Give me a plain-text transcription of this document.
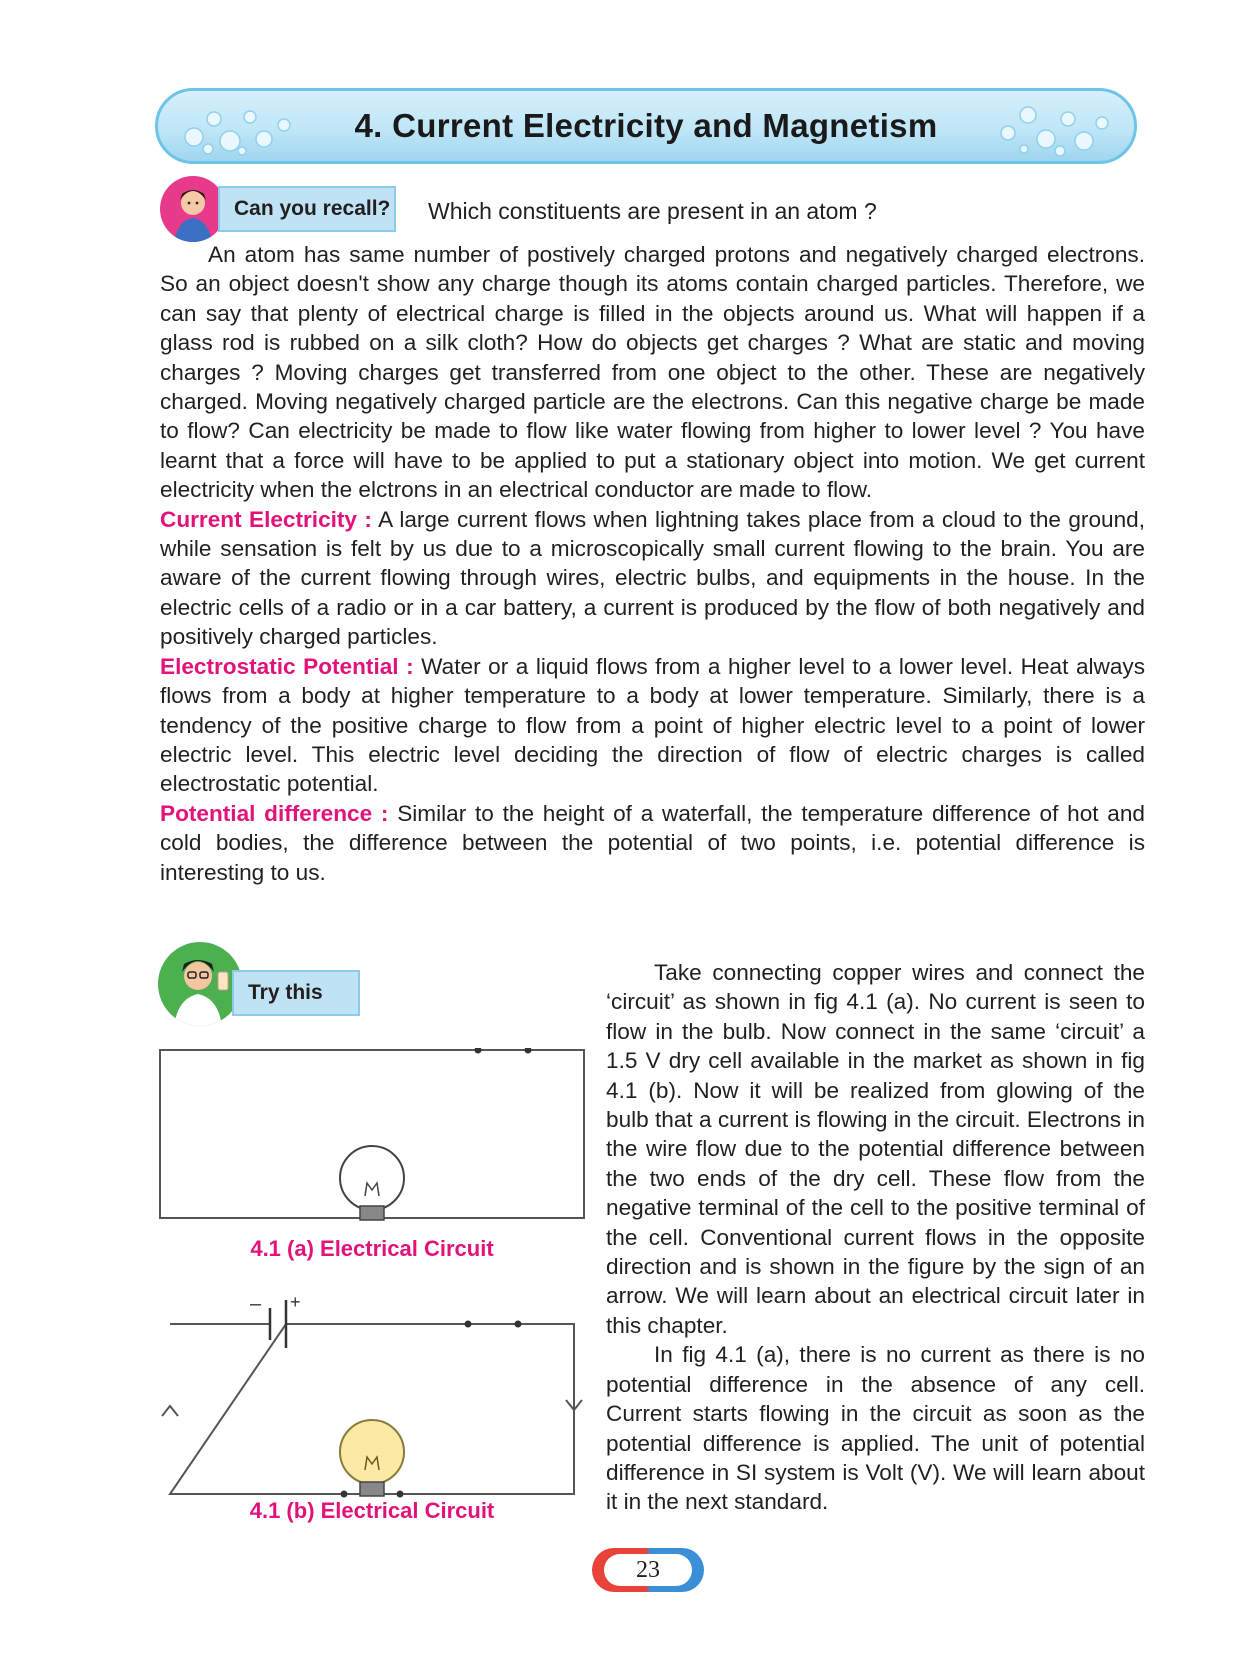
4. Current Electricity and Magnetism
Can you recall? Which constituents are present in an atom ?

An atom has same number of postively charged protons and negatively charged electrons. So an object doesn't show any charge though its atoms contain charged particles. Therefore, we can say that plenty of electrical charge is filled in the objects around us. What will happen if a glass rod is rubbed on a silk cloth? How do objects get charges ? What are static and moving charges ? Moving charges get transferred from one object to the other. These are negatively charged. Moving negatively charged particle are the electrons. Can this negative charge be made to flow? Can electricity be made to flow like water flowing from higher to lower level ? You have learnt that a force will have to be applied to put a stationary object into motion. We get current electricity when the elctrons in an electrical conductor are made to flow.

Current Electricity : A large current flows when lightning takes place from a cloud to the ground, while sensation is felt by us due to a microscopically small current flowing to the brain. You are aware of the current flowing through wires, electric bulbs, and equipments in the house. In the electric cells of a radio or in a car battery, a current is produced by the flow of both negatively and positively charged particles.

Electrostatic Potential : Water or a liquid flows from a higher level to a lower level. Heat always flows from a body at higher temperature to a body at lower temperature. Similarly, there is a tendency of the positive charge to flow from a point of higher electric level to a point of lower electric level. This electric level deciding the direction of flow of electric charges is called electrostatic potential.

Potential difference : Similar to the height of a waterfall, the temperature difference of hot and cold bodies, the difference between the potential of two points, i.e. potential difference is interesting to us.

Try this
4.1 (a) Electrical Circuit
– +
4.1 (b) Electrical Circuit

Take connecting copper wires and connect the ‘circuit’ as shown in fig 4.1 (a). No current is seen to flow in the bulb. Now connect in the same ‘circuit’ a 1.5 V dry cell available in the market as shown in fig 4.1 (b). Now it will be realized from glowing of the bulb that a current is flowing in the circuit. Electrons in the wire flow due to the potential difference between the two ends of the dry cell. These flow from the negative terminal of the cell to the positive terminal of the cell. Conventional current flows in the opposite direction and is shown in the figure by the sign of an arrow. We will learn about an electrical circuit later in this chapter.

In fig 4.1 (a), there is no current as there is no potential difference in the absence of any cell. Current starts flowing in the circuit as soon as the potential difference is applied. The unit of potential difference in SI system is Volt (V). We will learn about it in the next standard.

23
